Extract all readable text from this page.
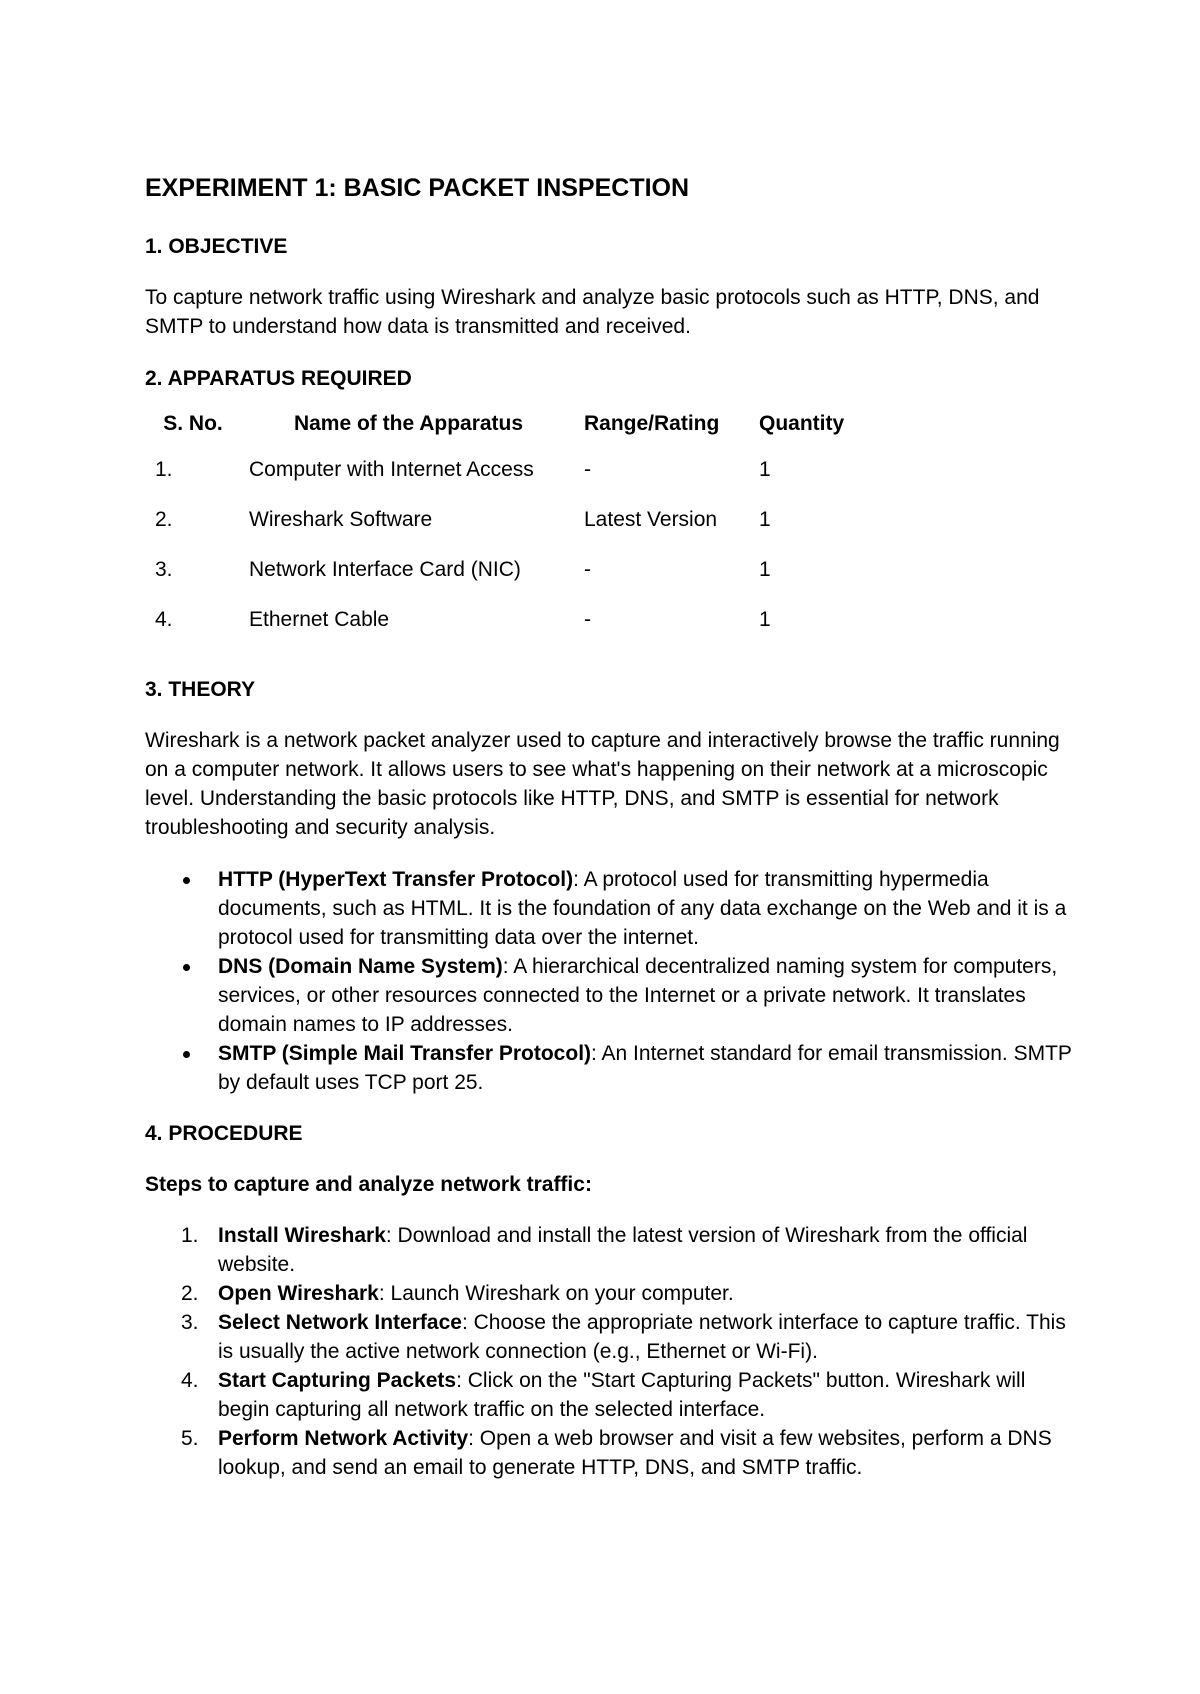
EXPERIMENT 1: BASIC PACKET INSPECTION
1. OBJECTIVE

To capture network traffic using Wireshark and analyze basic protocols such as HTTP, DNS, and SMTP to understand how data is transmitted and received.

2. APPARATUS REQUIRED
S. No.	Name of the Apparatus	Range/Rating	Quantity
1.	Computer with Internet Access	-	1
2.	Wireshark Software	Latest Version	1
3.	Network Interface Card (NIC)	-	1
4.	Ethernet Cable	-	1
3. THEORY

Wireshark is a network packet analyzer used to capture and interactively browse the traffic running on a computer network. It allows users to see what's happening on their network at a microscopic level. Understanding the basic protocols like HTTP, DNS, and SMTP is essential for network troubleshooting and security analysis.

HTTP (HyperText Transfer Protocol): A protocol used for transmitting hypermedia documents, such as HTML. It is the foundation of any data exchange on the Web and it is a protocol used for transmitting data over the internet.
DNS (Domain Name System): A hierarchical decentralized naming system for computers, services, or other resources connected to the Internet or a private network. It translates domain names to IP addresses.
SMTP (Simple Mail Transfer Protocol): An Internet standard for email transmission. SMTP by default uses TCP port 25.
4. PROCEDURE

Steps to capture and analyze network traffic:

1. Install Wireshark: Download and install the latest version of Wireshark from the official website.
2. Open Wireshark: Launch Wireshark on your computer.
3. Select Network Interface: Choose the appropriate network interface to capture traffic. This is usually the active network connection (e.g., Ethernet or Wi-Fi).
4. Start Capturing Packets: Click on the "Start Capturing Packets" button. Wireshark will begin capturing all network traffic on the selected interface.
5. Perform Network Activity: Open a web browser and visit a few websites, perform a DNS lookup, and send an email to generate HTTP, DNS, and SMTP traffic.
